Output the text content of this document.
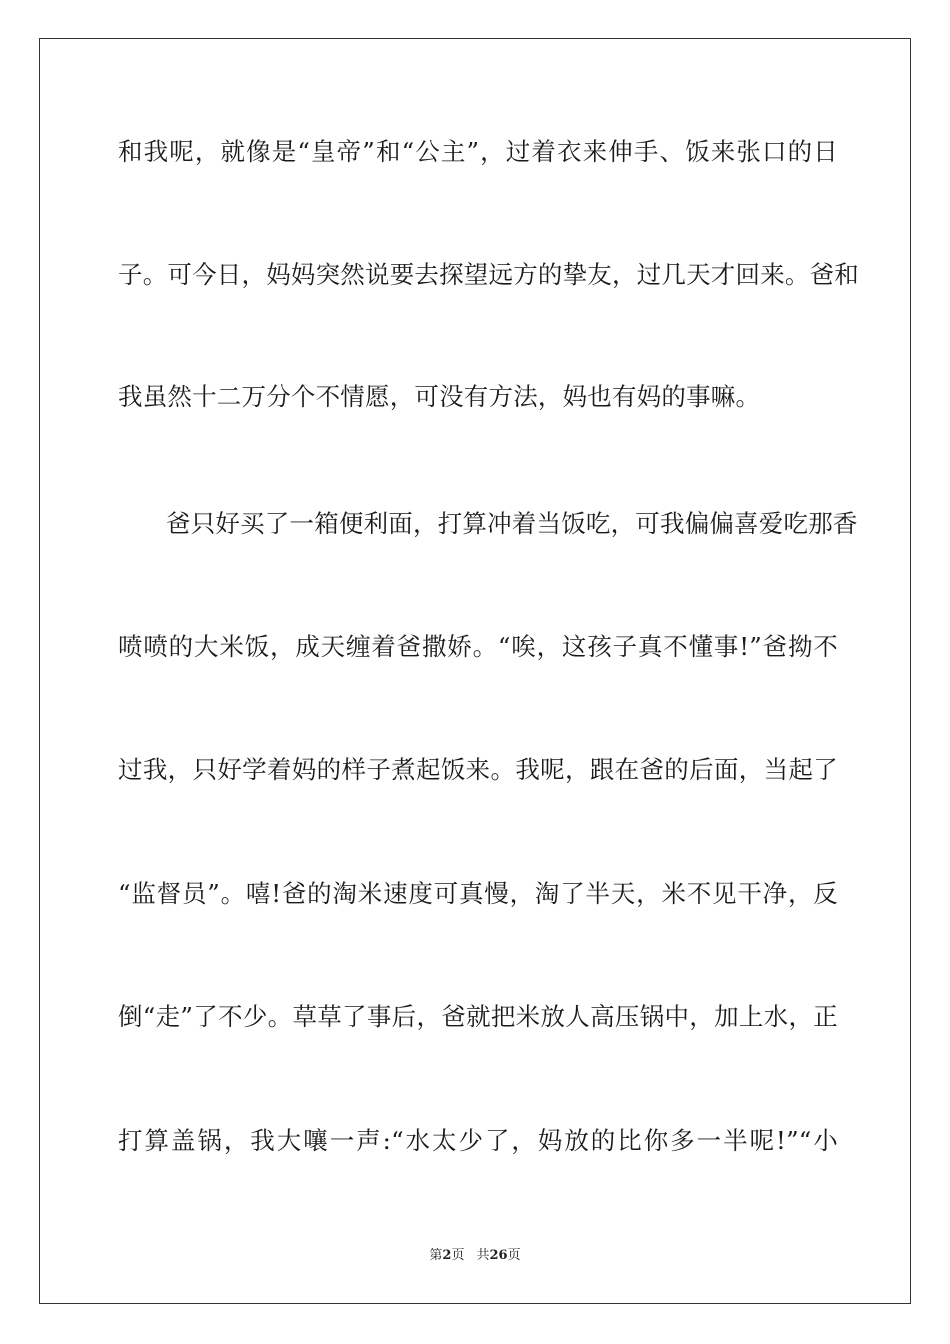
和我呢，就像是“皇帝”和“公主”，过着衣来伸手、饭来张口的日
子。可今日，妈妈突然说要去探望远方的挚友，过几天才回来。爸和
我虽然十二万分个不情愿，可没有方法，妈也有妈的事嘛。
爸只好买了一箱便利面，打算冲着当饭吃，可我偏偏喜爱吃那香
喷喷的大米饭，成天缠着爸撒娇。“唉，这孩子真不懂事!”爸拗不
过我，只好学着妈的样子煮起饭来。我呢，跟在爸的后面，当起了
“监督员”。嘻!爸的淘米速度可真慢，淘了半天，米不见干净，反
倒“走”了不少。草草了事后，爸就把米放人高压锅中，加上水，正
打算盖锅，我大嚷一声:“水太少了，妈放的比你多一半呢!”“小
第2页 共26页
